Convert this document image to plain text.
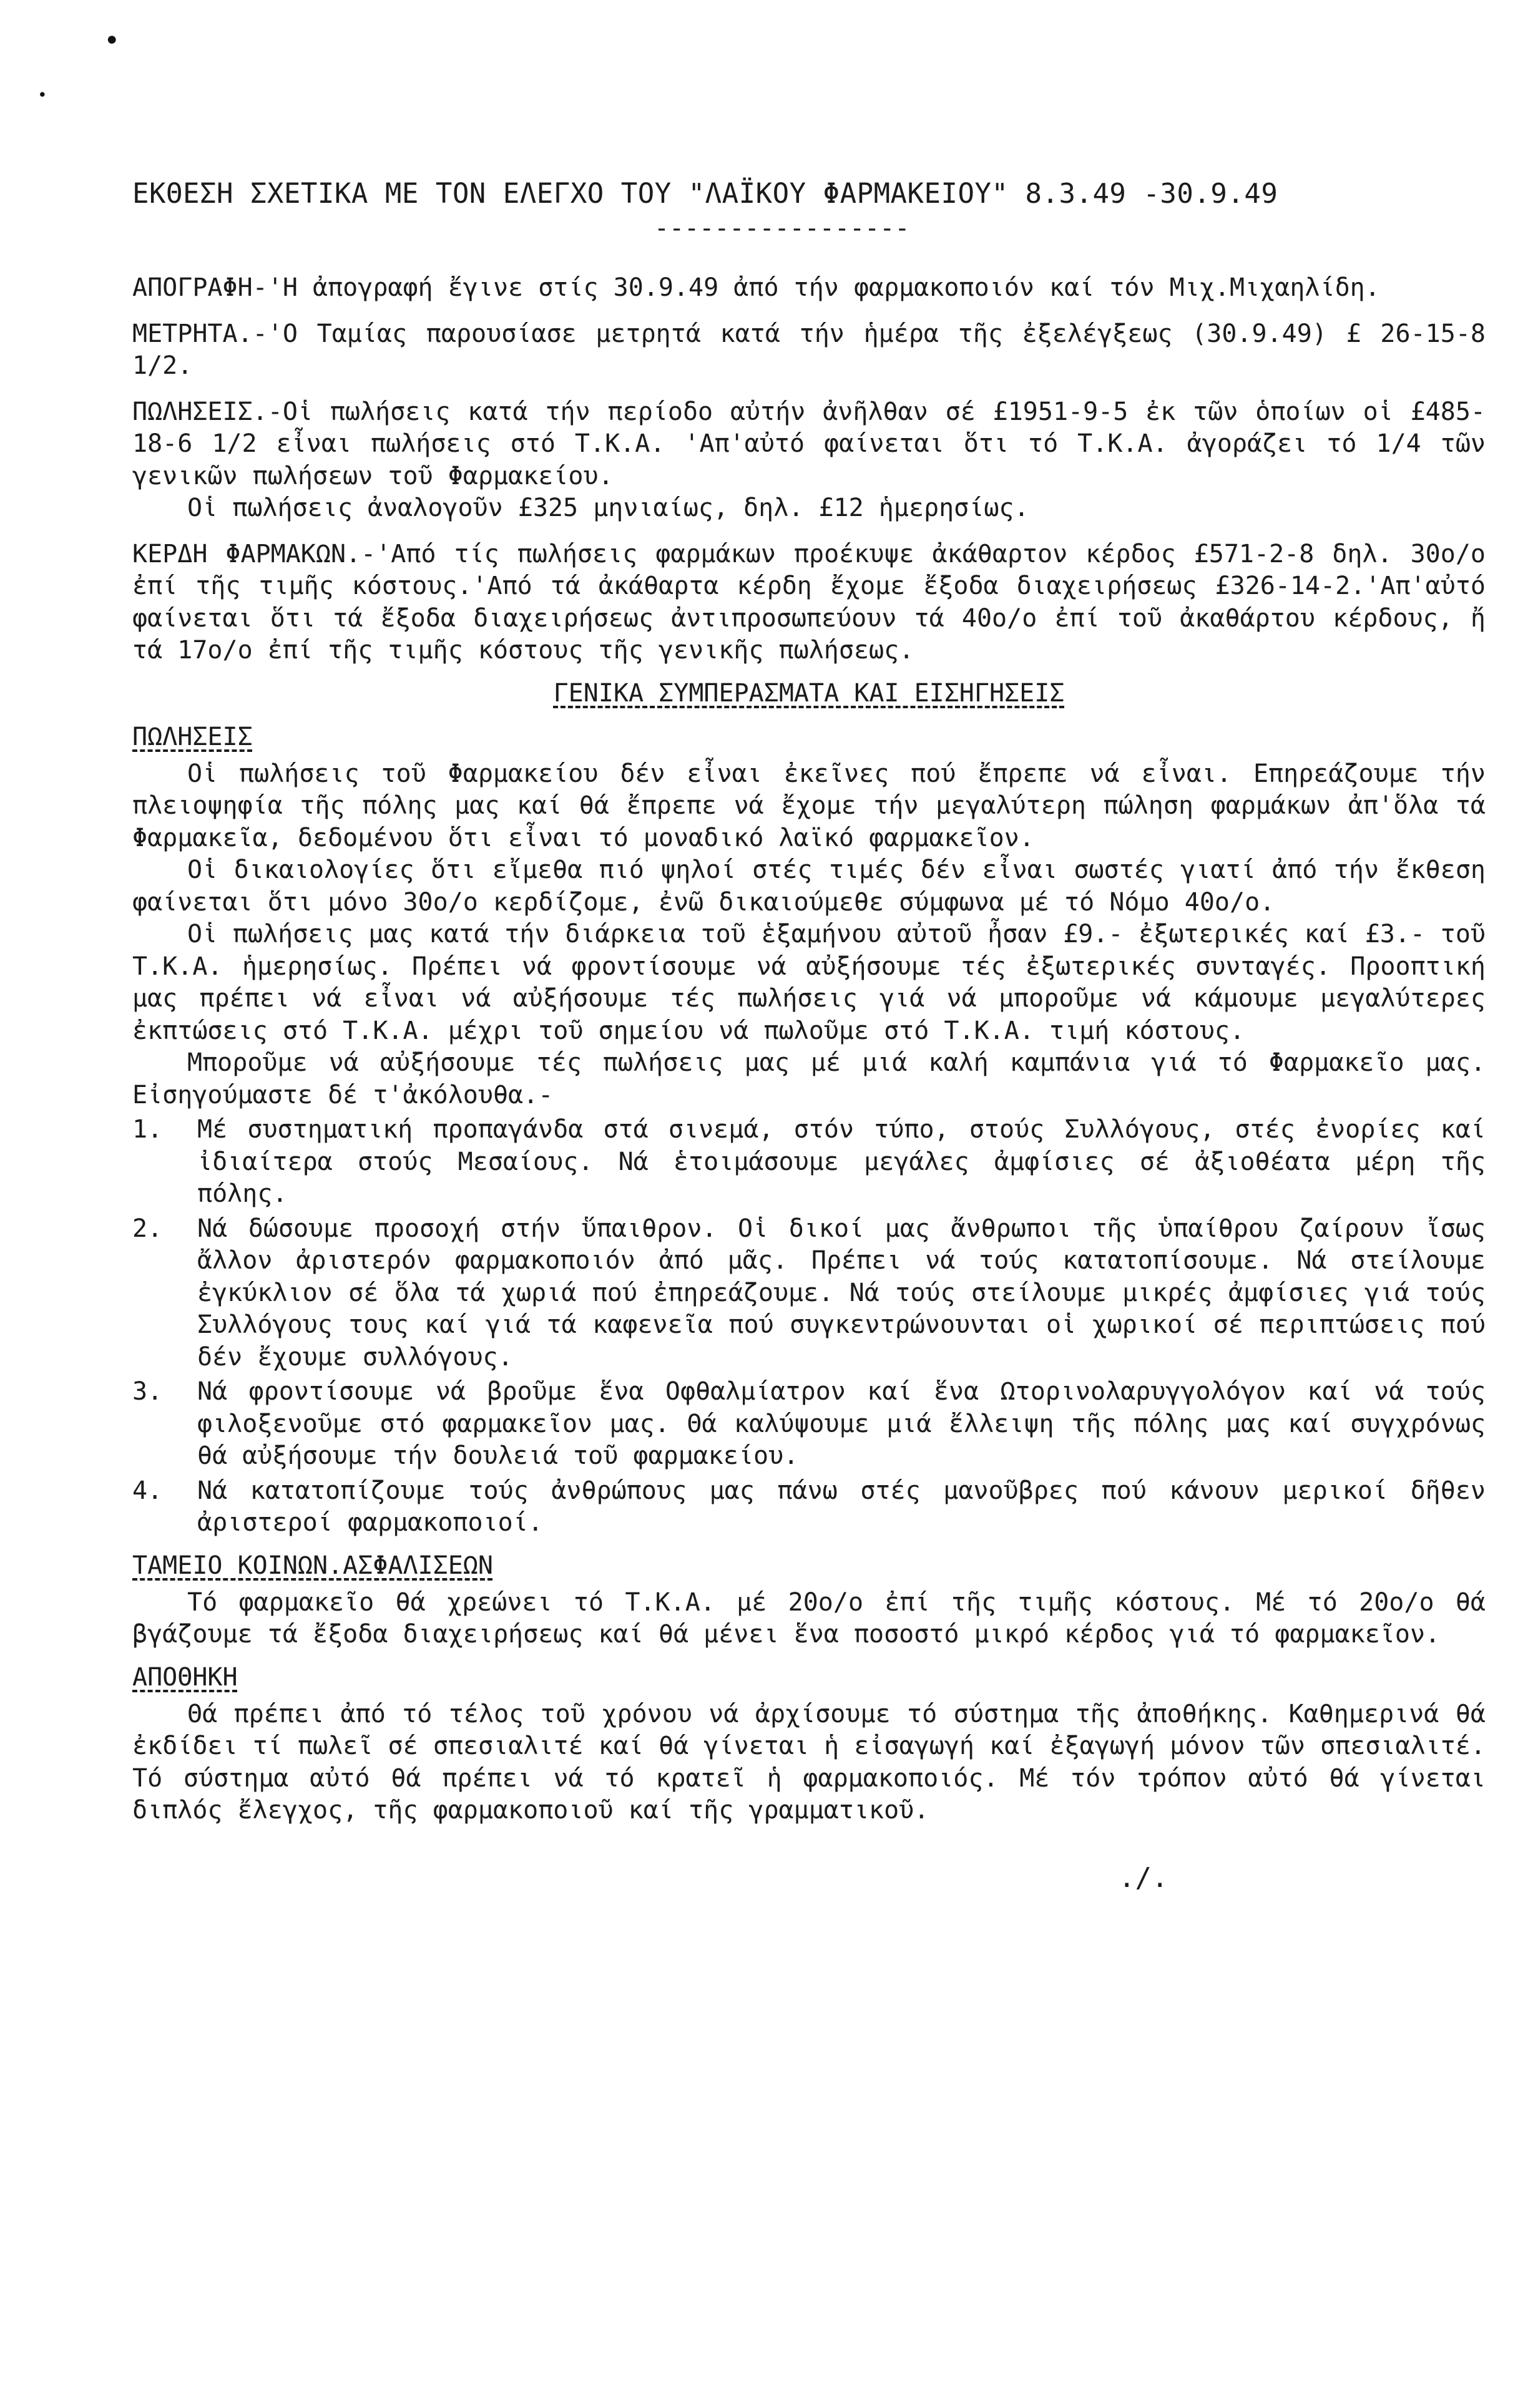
•
•
ΕΚΘΕΣΗ ΣΧΕΤΙΚΑ ΜΕ ΤΟΝ ΕΛΕΓΧΟ ΤΟΥ "ΛΑΪΚΟΥ ΦΑΡΜΑΚΕΙΟΥ" 8.3.49 -30.9.49
-----------------

ΑΠΟΓΡΑΦΗ-'Η ἀπογραφή ἔγινε στίς 30.9.49 ἀπό τήν φαρμακοποιόν καί τόν Μιχ.Μιχαηλίδη.

ΜΕΤΡΗΤΑ.-'Ο Ταμίας παρουσίασε μετρητά κατά τήν ἡμέρα τῆς ἐξελέγξεως (30.9.49) £ 26-15-8 1/2.

ΠΩΛΗΣΕΙΣ.-Οἱ πωλήσεις κατά τήν περίοδο αὐτήν ἀνῆλθαν σέ £1951-9-5 ἐκ τῶν ὁποίων οἱ £485-18-6 1/2 εἶναι πωλήσεις στό Τ.Κ.Α. 'Απ'αὐτό φαίνεται ὅτι τό Τ.Κ.Α. ἀγοράζει τό 1/4 τῶν γενικῶν πωλήσεων τοῦ Φαρμακείου.

Οἱ πωλήσεις ἀναλογοῦν £325 μηνιαίως, δηλ. £12 ἡμερησίως.

ΚΕΡΔΗ ΦΑΡΜΑΚΩΝ.-'Από τίς πωλήσεις φαρμάκων προέκυψε ἀκάθαρτον κέρδος £571-2-8 δηλ. 30ο/ο ἐπί τῆς τιμῆς κόστους.'Από τά ἀκάθαρτα κέρδη ἔχομε ἔξοδα διαχειρήσεως £326-14-2.'Απ'αὐτό φαίνεται ὅτι τά ἔξοδα διαχειρήσεως ἀντιπροσωπεύουν τά 40ο/ο ἐπί τοῦ ἀκαθάρτου κέρδους, ἤ τά 17ο/ο ἐπί τῆς τιμῆς κόστους τῆς γενικῆς πωλήσεως.

ΓΕΝΙΚΑ ΣΥΜΠΕΡΑΣΜΑΤΑ ΚΑΙ ΕΙΣΗΓΗΣΕΙΣ
ΠΩΛΗΣΕΙΣ

Οἱ πωλήσεις τοῦ Φαρμακείου δέν εἶναι ἐκεῖνες πού ἔπρεπε νά εἶναι. Επηρεάζουμε τήν πλειοψηφία τῆς πόλης μας καί θά ἔπρεπε νά ἔχομε τήν μεγαλύτερη πώληση φαρμάκων ἀπ'ὅλα τά Φαρμακεῖα, δεδομένου ὅτι εἶναι τό μοναδικό λαϊκό φαρμακεῖον.

Οἱ δικαιολογίες ὅτι εἴμεθα πιό ψηλοί στές τιμές δέν εἶναι σωστές γιατί ἀπό τήν ἔκθεση φαίνεται ὅτι μόνο 30ο/ο κερδίζομε, ἐνῶ δικαιούμεθε σύμφωνα μέ τό Νόμο 40ο/ο.

Οἱ πωλήσεις μας κατά τήν διάρκεια τοῦ ἑξαμήνου αὐτοῦ ἦσαν £9.- ἐξωτερικές καί £3.- τοῦ Τ.Κ.Α. ἡμερησίως. Πρέπει νά φροντίσουμε νά αὐξήσουμε τές ἐξωτερικές συνταγές. Προοπτική μας πρέπει νά εἶναι νά αὐξήσουμε τές πωλήσεις γιά νά μποροῦμε νά κάμουμε μεγαλύτερες ἐκπτώσεις στό Τ.Κ.Α. μέχρι τοῦ σημείου νά πωλοῦμε στό Τ.Κ.Α. τιμή κόστους.

Μποροῦμε νά αὐξήσουμε τές πωλήσεις μας μέ μιά καλή καμπάνια γιά τό Φαρμακεῖο μας. Εἰσηγούμαστε δέ τ'ἀκόλουθα.-

1. Μέ συστηματική προπαγάνδα στά σινεμά, στόν τύπο, στούς Συλλόγους, στές ἐνορίες καί ἰδιαίτερα στούς Μεσαίους. Νά ἑτοιμάσουμε μεγάλες ἀμφίσιες σέ ἀξιοθέατα μέρη τῆς πόλης.
2. Νά δώσουμε προσοχή στήν ὕπαιθρον. Οἱ δικοί μας ἄνθρωποι τῆς ὑπαίθρου ζαίρουν ἴσως ἄλλον ἀριστερόν φαρμακοποιόν ἀπό μᾶς. Πρέπει νά τούς κατατοπίσουμε. Νά στείλουμε ἐγκύκλιον σέ ὅλα τά χωριά πού ἐπηρεάζουμε. Νά τούς στείλουμε μικρές ἀμφίσιες γιά τούς Συλλόγους τους καί γιά τά καφενεῖα πού συγκεντρώνουνται οἱ χωρικοί σέ περιπτώσεις πού δέν ἔχουμε συλλόγους.
3. Νά φροντίσουμε νά βροῦμε ἕνα Οφθαλμίατρον καί ἕνα Ωτορινολαρυγγολόγον καί νά τούς φιλοξενοῦμε στό φαρμακεῖον μας. Θά καλύψουμε μιά ἔλλειψη τῆς πόλης μας καί συγχρόνως θά αὐξήσουμε τήν δουλειά τοῦ φαρμακείου.
4. Νά κατατοπίζουμε τούς ἀνθρώπους μας πάνω στές μανοῦβρες πού κάνουν μερικοί δῆθεν ἀριστεροί φαρμακοποιοί.
ΤΑΜΕΙΟ ΚΟΙΝΩΝ.ΑΣΦΑΛΙΣΕΩΝ

Τό φαρμακεῖο θά χρεώνει τό Τ.Κ.Α. μέ 20ο/ο ἐπί τῆς τιμῆς κόστους. Μέ τό 20ο/ο θά βγάζουμε τά ἔξοδα διαχειρήσεως καί θά μένει ἕνα ποσοστό μικρό κέρδος γιά τό φαρμακεῖον.

ΑΠΟΘΗΚΗ

Θά πρέπει ἀπό τό τέλος τοῦ χρόνου νά ἀρχίσουμε τό σύστημα τῆς ἀποθήκης. Καθημερινά θά ἐκδίδει τί πωλεῖ σέ σπεσιαλιτέ καί θά γίνεται ἡ εἰσαγωγή καί ἐξαγωγή μόνον τῶν σπεσιαλιτέ. Τό σύστημα αὐτό θά πρέπει νά τό κρατεῖ ἡ φαρμακοποιός. Μέ τόν τρόπον αὐτό θά γίνεται διπλός ἔλεγχος, τῆς φαρμακοποιοῦ καί τῆς γραμματικοῦ.

./.
